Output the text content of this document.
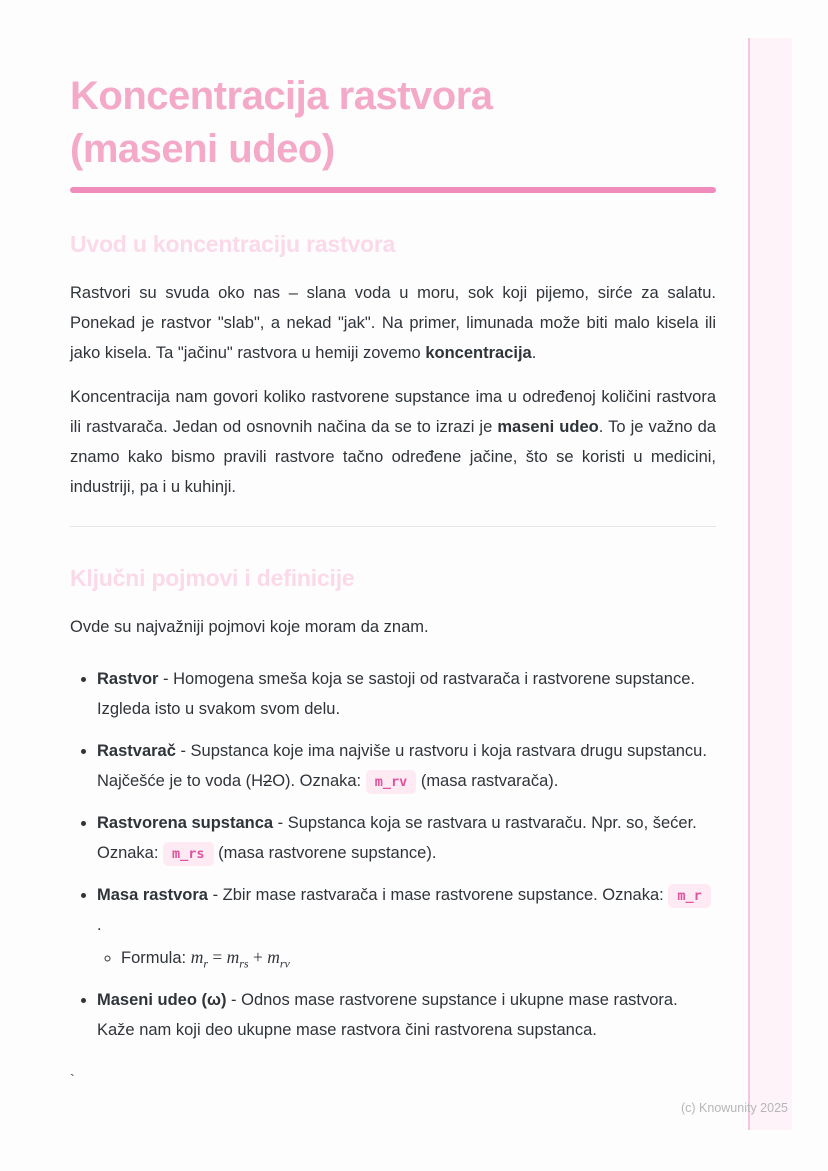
Koncentracija rastvora
(maseni udeo)
Uvod u koncentraciju rastvora

Rastvori su svuda oko nas – slana voda u moru, sok koji pijemo, sirće za salatu. Ponekad je rastvor "slab", a nekad "jak". Na primer, limunada može biti malo kisela ili jako kisela. Ta "jačinu" rastvora u hemiji zovemo koncentracija.

Koncentracija nam govori koliko rastvorene supstance ima u određenoj količini rastvora ili rastvarača. Jedan od osnovnih načina da se to izrazi je maseni udeo. To je važno da znamo kako bismo pravili rastvore tačno određene jačine, što se koristi u medicini, industriji, pa i u kuhinji.

Ključni pojmovi i definicije

Ovde su najvažniji pojmovi koje moram da znam.

• Rastvor - Homogena smeša koja se sastoji od rastvarača i rastvorene supstance. Izgleda isto u svakom svom delu.
• Rastvarač - Supstanca koje ima najviše u rastvoru i koja rastvara drugu supstancu. Najčešće je to voda (H2O). Oznaka: m_rv (masa rastvarača).
• Rastvorena supstanca - Supstanca koja se rastvara u rastvaraču. Npr. so, šećer. Oznaka: m_rs (masa rastvorene supstance).
• Masa rastvora - Zbir mase rastvarača i mase rastvorene supstance. Oznaka: m_r .
◦ Formula: $m_r = m_{rs} + m_{rv}$
• Maseni udeo (ω) - Odnos mase rastvorene supstance i ukupne mase rastvora. Kaže nam koji deo ukupne mase rastvora čini rastvorena supstanca.
`
(c) Knowunity 2025
